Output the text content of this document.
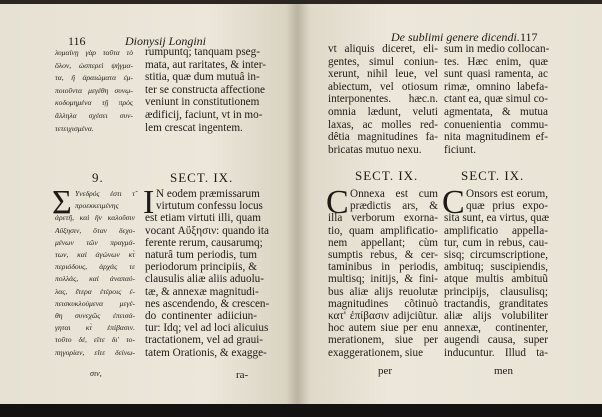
116	Dionysij Longini
λυμαίνῃ γὰρ ταῦτα τὸ
ὅλον, ὡσπερεὶ ψήγμα-
τα, ἢ ἀραιώματα ἐμ-
ποιοῦντα μεγέθη συνῳ-
κοδομημένα τῇ πρὸς
ἄλληλα σχέσει συν-
τετειχισμένα.
rumpuntq; tanquam pseg-
mata, aut raritates, & inter-
stitia, quæ dum mutuâ in-
ter se constructa affectione
veniunt in constitutionem
ædificij, faciunt, vt in mo-
lem crescat ingentem.
9.	SECT. IX.
Σ Υνεδρός ἐστι τ̃
προεκκειμένης
ἀρετῆ, καὶ ἣν καλοῦσιν
Αὔξησιν, ὅταν δεχο-
μένων τῶν πραγμά-
των, καὶ ἀγώνων κτ̀
περιόδους, ἀρχάς τε
πολλάς, καὶ ἀναπαύ-
λας, ἕτερα ἑτέροις ἐ-
πεισκυκλούμενα μεγέ-
θη συνεχῶς ἐπεισά-
γηται κτ̀ ἐπίβασιν.
τοῦτο δέ, εἴτε δι' το-
πηγορίαν, εἴτε δείνω-
I N eodem præmissarum
virtutum confessu locus
est etiam virtuti illi, quam
vocant Αὔξησιν: quando ita
ferente rerum, causarumq;
naturâ tum periodis, tum
periodorum principiis, &
clausulis aliæ aliis aduolu-
tæ, & annexæ magnitudi-
nes ascendendo, & crescen-
do continenter adiiciun-
tur: Idq; vel ad loci alicuius
tractationem, vel ad graui-
tatem Orationis, & exagge-
σιν,	ra-
De sublimi genere dicendi. 117
vt aliquis diceret, eli-
gentes, simul coniun-
xerunt, nihil leue, vel
abiectum, vel otiosum
interponentes. hæc.n.
omnia lædunt, veluti
laxas, ac molles red-
dêtia magnitudines fa-
bricatas mutuo nexu.
sum in medio collocan-
tes. Hæc enim, quæ
sunt quasi ramenta, ac
rimæ, omnino labefa-
ctant ea, quæ simul co-
agmentata, & mutua
conuenientia commu-
nita magnitudinem ef-
ficiunt.
SECT. IX.	SECT. IX.
C Onnexa est cum
prædictis ars, &
illa verborum exorna-
tio, quam amplificatio-
nem appellant; cùm
sumptis rebus, & cer-
taminibus in periodis,
multisq; initijs, & fini-
bus aliæ alijs reuolutæ
magnitudines cõtinuò
κατ' ἐπίβασιν adijciũtur.
hoc autem siue per enu
merationem, siue per
exaggerationem, siue
C Onsors est eorum,
quæ prius expo-
sita sunt, ea virtus, quæ
amplificatio appella-
tur, cum in rebus, cau-
sisq; circumscriptione,
ambituq; suscipiendis,
atque multis ambituũ
principijs, clausulisq;
tractandis, granditates
aliæ alijs volubiliter
annexæ, continenter,
augendi causa, super
inducuntur. Illud ta-
per	men
